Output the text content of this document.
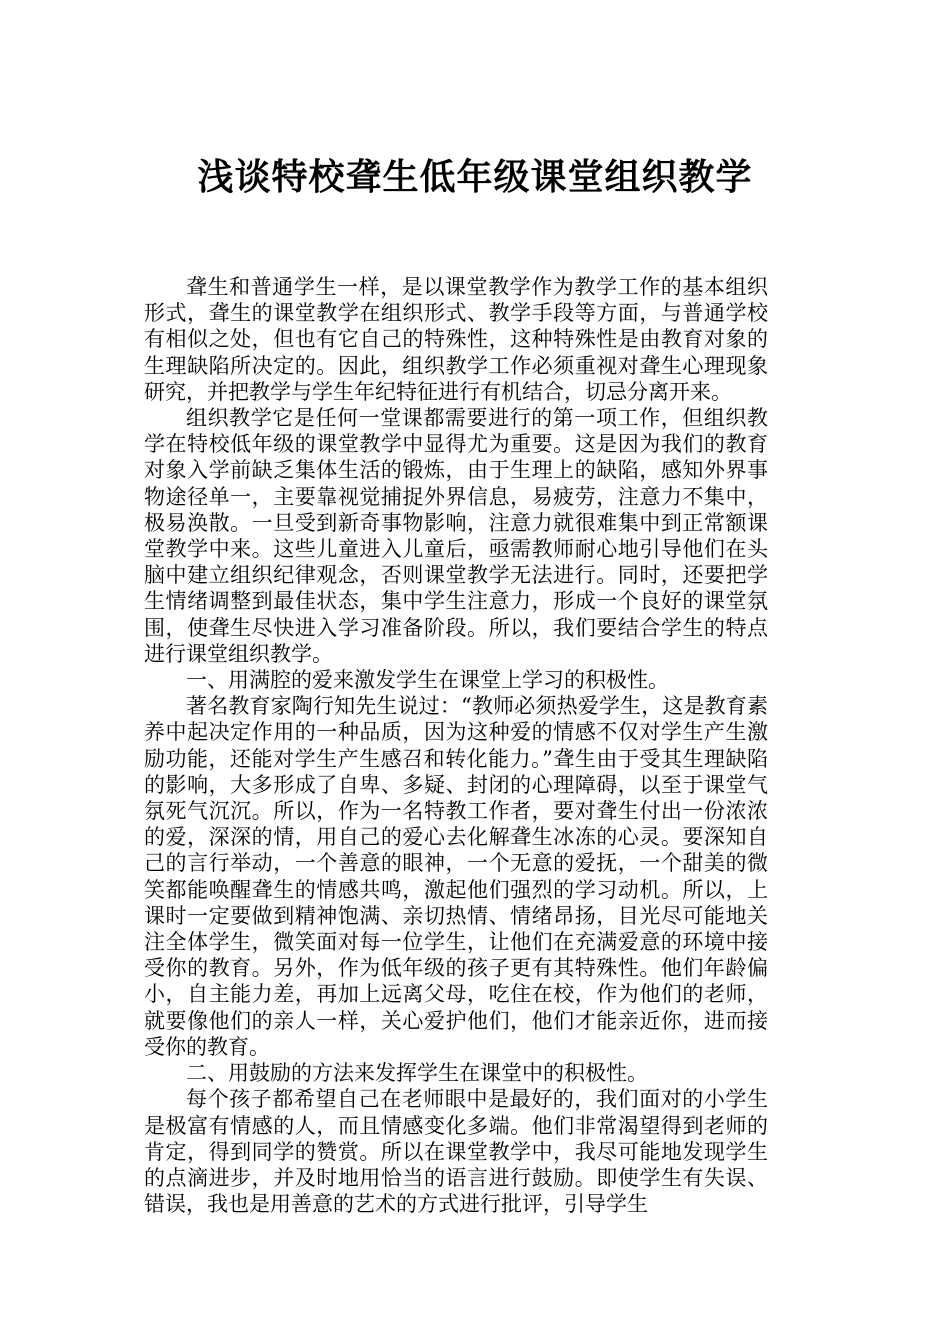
浅谈特校聋生低年级课堂组织教学

聋生和普通学生一样，是以课堂教学作为教学工作的基本组织形式，聋生的课堂教学在组织形式、教学手段等方面，与普通学校有相似之处，但也有它自己的特殊性，这种特殊性是由教育对象的生理缺陷所决定的。因此，组织教学工作必须重视对聋生心理现象研究，并把教学与学生年纪特征进行有机结合，切忌分离开来。

组织教学它是任何一堂课都需要进行的第一项工作，但组织教学在特校低年级的课堂教学中显得尤为重要。这是因为我们的教育对象入学前缺乏集体生活的锻炼，由于生理上的缺陷，感知外界事物途径单一，主要靠视觉捕捉外界信息，易疲劳，注意力不集中，极易涣散。一旦受到新奇事物影响，注意力就很难集中到正常额课堂教学中来。这些儿童进入儿童后，亟需教师耐心地引导他们在头脑中建立组织纪律观念，否则课堂教学无法进行。同时，还要把学生情绪调整到最佳状态，集中学生注意力，形成一个良好的课堂氛围，使聋生尽快进入学习准备阶段。所以，我们要结合学生的特点进行课堂组织教学。

一、用满腔的爱来激发学生在课堂上学习的积极性。

著名教育家陶行知先生说过：“教师必须热爱学生，这是教育素养中起决定作用的一种品质，因为这种爱的情感不仅对学生产生激励功能，还能对学生产生感召和转化能力。”聋生由于受其生理缺陷的影响，大多形成了自卑、多疑、封闭的心理障碍，以至于课堂气氛死气沉沉。所以，作为一名特教工作者，要对聋生付出一份浓浓的爱，深深的情，用自己的爱心去化解聋生冰冻的心灵。要深知自己的言行举动，一个善意的眼神，一个无意的爱抚，一个甜美的微笑都能唤醒聋生的情感共鸣，激起他们强烈的学习动机。所以，上课时一定要做到精神饱满、亲切热情、情绪昂扬，目光尽可能地关注全体学生，微笑面对每一位学生，让他们在充满爱意的环境中接受你的教育。另外，作为低年级的孩子更有其特殊性。他们年龄偏小，自主能力差，再加上远离父母，吃住在校，作为他们的老师，就要像他们的亲人一样，关心爱护他们，他们才能亲近你，进而接受你的教育。

二、用鼓励的方法来发挥学生在课堂中的积极性。

每个孩子都希望自己在老师眼中是最好的，我们面对的小学生是极富有情感的人，而且情感变化多端。他们非常渴望得到老师的肯定，得到同学的赞赏。所以在课堂教学中，我尽可能地发现学生的点滴进步，并及时地用恰当的语言进行鼓励。即使学生有失误、错误，我也是用善意的艺术的方式进行批评，引导学生
